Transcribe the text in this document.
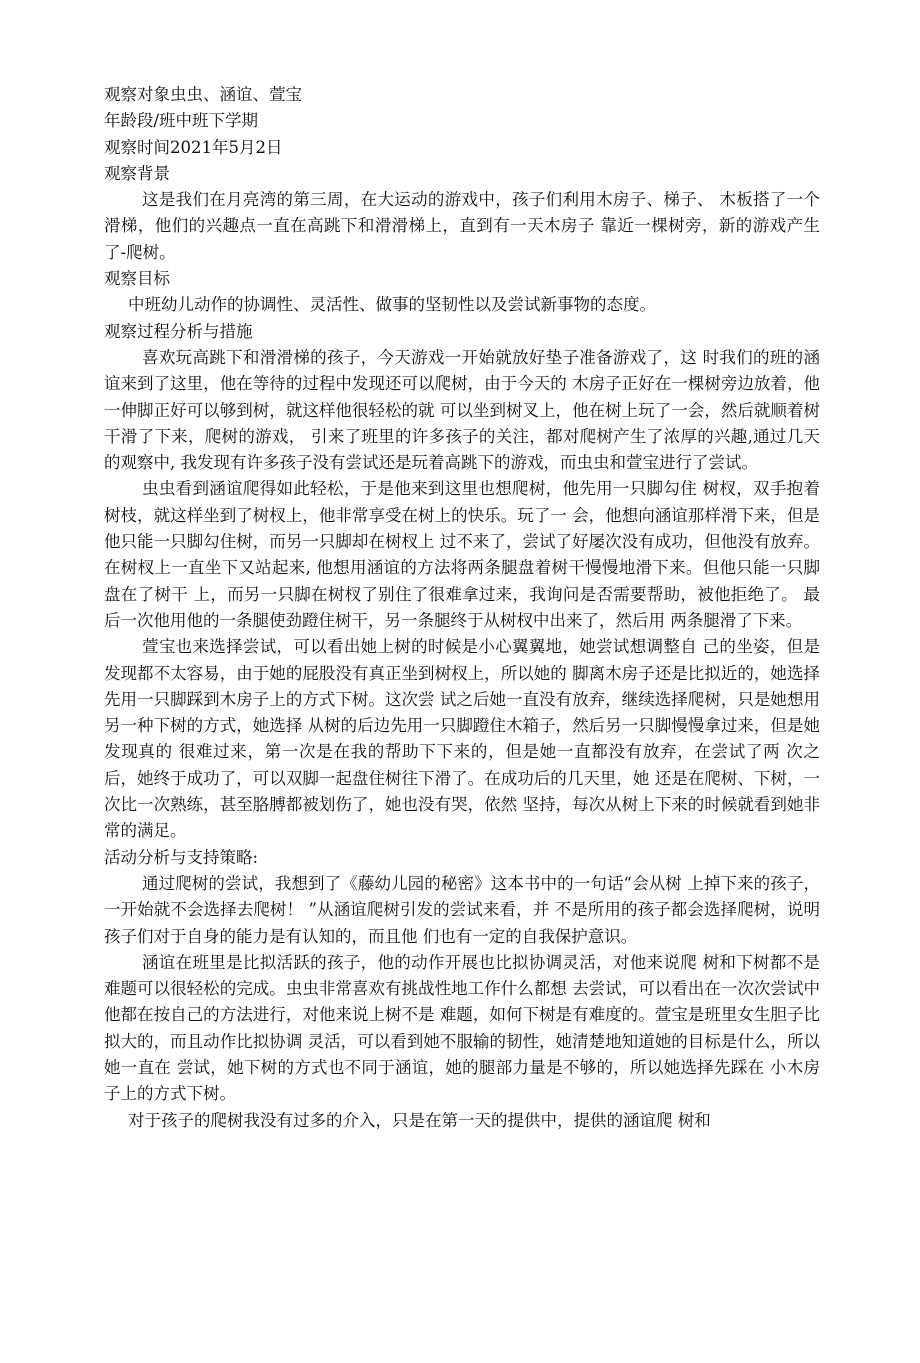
观察对象虫虫、涵谊、萱宝
年龄段/班中班下学期
观察时间2021年5月2日
观察背景

这是我们在月亮湾的第三周，在大运动的游戏中，孩子们利用木房子、梯子、 木板搭了一个滑梯，他们的兴趣点一直在高跳下和滑滑梯上，直到有一天木房子 靠近一棵树旁，新的游戏产生了-爬树。

观察目标

中班幼儿动作的协调性、灵活性、做事的坚韧性以及尝试新事物的态度。

观察过程分析与措施

喜欢玩高跳下和滑滑梯的孩子，今天游戏一开始就放好垫子准备游戏了，这 时我们的班的涵谊来到了这里，他在等待的过程中发现还可以爬树，由于今天的 木房子正好在一棵树旁边放着，他一伸脚正好可以够到树，就这样他很轻松的就 可以坐到树叉上，他在树上玩了一会，然后就顺着树干滑了下来，爬树的游戏， 引来了班里的许多孩子的关注，都对爬树产生了浓厚的兴趣,通过几天的观察中, 我发现有许多孩子没有尝试还是玩着高跳下的游戏，而虫虫和萱宝进行了尝试。

虫虫看到涵谊爬得如此轻松，于是他来到这里也想爬树，他先用一只脚勾住 树杈，双手抱着树枝，就这样坐到了树杈上，他非常享受在树上的快乐。玩了一 会，他想向涵谊那样滑下来，但是他只能一只脚勾住树，而另一只脚却在树杈上 过不来了，尝试了好屡次没有成功，但他没有放弃。在树杈上一直坐下又站起来, 他想用涵谊的方法将两条腿盘着树干慢慢地滑下来。但他只能一只脚盘在了树干 上，而另一只脚在树杈了别住了很难拿过来，我询问是否需要帮助，被他拒绝了。 最后一次他用他的一条腿使劲蹬住树干，另一条腿终于从树杈中出来了，然后用 两条腿滑了下来。

萱宝也来选择尝试，可以看出她上树的时候是小心翼翼地，她尝试想调整自 己的坐姿，但是发现都不太容易，由于她的屁股没有真正坐到树杈上，所以她的 脚离木房子还是比拟近的，她选择先用一只脚踩到木房子上的方式下树。这次尝 试之后她一直没有放弃，继续选择爬树，只是她想用另一种下树的方式，她选择 从树的后边先用一只脚蹬住木箱子，然后另一只脚慢慢拿过来，但是她发现真的 很难过来，第一次是在我的帮助下下来的，但是她一直都没有放弃，在尝试了两 次之后，她终于成功了，可以双脚一起盘住树往下滑了。在成功后的几天里，她 还是在爬树、下树，一次比一次熟练，甚至胳膊都被划伤了，她也没有哭，依然 坚持，每次从树上下来的时候就看到她非常的满足。

活动分析与支持策略:

通过爬树的尝试，我想到了《藤幼儿园的秘密》这本书中的一句话“会从树 上掉下来的孩子，一开始就不会选择去爬树！ ”从涵谊爬树引发的尝试来看，并 不是所用的孩子都会选择爬树，说明孩子们对于自身的能力是有认知的，而且他 们也有一定的自我保护意识。

涵谊在班里是比拟活跃的孩子，他的动作开展也比拟协调灵活，对他来说爬 树和下树都不是难题可以很轻松的完成。虫虫非常喜欢有挑战性地工作什么都想 去尝试，可以看出在一次次尝试中他都在按自己的方法进行，对他来说上树不是 难题，如何下树是有难度的。萱宝是班里女生胆子比拟大的，而且动作比拟协调 灵活，可以看到她不服输的韧性，她清楚地知道她的目标是什么，所以她一直在 尝试，她下树的方式也不同于涵谊，她的腿部力量是不够的，所以她选择先踩在 小木房子上的方式下树。

对于孩子的爬树我没有过多的介入，只是在第一天的提供中，提供的涵谊爬 树和
